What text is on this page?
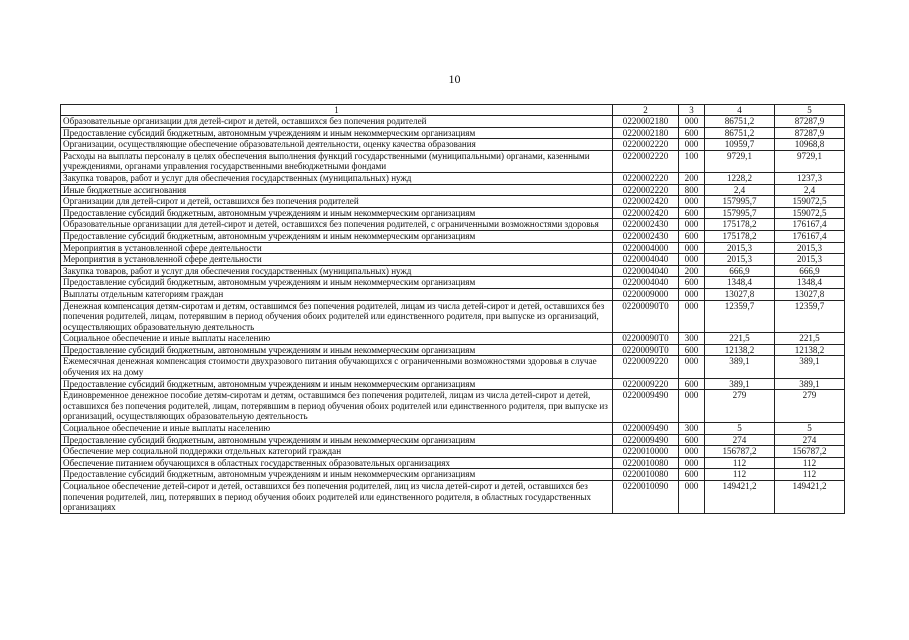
10
1	2	3	4	5
Образовательные организации для детей-сирот и детей, оставшихся без попечения родителей	0220002180	000	86751,2	87287,9
Предоставление субсидий бюджетным, автономным учреждениям и иным некоммерческим организациям	0220002180	600	86751,2	87287,9
Организации, осуществляющие обеспечение образовательной деятельности, оценку качества образования	0220002220	000	10959,7	10968,8
Расходы на выплаты персоналу в целях обеспечения выполнения функций государственными (муниципальными) органами, казенными учреждениями, органами управления государственными внебюджетными фондами	0220002220	100	9729,1	9729,1
Закупка товаров, работ и услуг для обеспечения государственных (муниципальных) нужд	0220002220	200	1228,2	1237,3
Иные бюджетные ассигнования	0220002220	800	2,4	2,4
Организации для детей-сирот и детей, оставшихся без попечения родителей	0220002420	000	157995,7	159072,5
Предоставление субсидий бюджетным, автономным учреждениям и иным некоммерческим организациям	0220002420	600	157995,7	159072,5
Образовательные организации для детей-сирот и детей, оставшихся без попечения родителей, с ограниченными возможностями здоровья	0220002430	000	175178,2	176167,4
Предоставление субсидий бюджетным, автономным учреждениям и иным некоммерческим организациям	0220002430	600	175178,2	176167,4
Мероприятия в установленной сфере деятельности	0220004000	000	2015,3	2015,3
Мероприятия в установленной сфере деятельности	0220004040	000	2015,3	2015,3
Закупка товаров, работ и услуг для обеспечения государственных (муниципальных) нужд	0220004040	200	666,9	666,9
Предоставление субсидий бюджетным, автономным учреждениям и иным некоммерческим организациям	0220004040	600	1348,4	1348,4
Выплаты отдельным категориям граждан	0220009000	000	13027,8	13027,8
Денежная компенсация детям-сиротам и детям, оставшимся без попечения родителей, лицам из числа детей-сирот и детей, оставшихся без попечения родителей, лицам, потерявшим в период обучения обоих родителей или единственного родителя, при выпуске из организаций, осуществляющих образовательную деятельность	02200090Т0	000	12359,7	12359,7
Социальное обеспечение и иные выплаты населению	02200090Т0	300	221,5	221,5
Предоставление субсидий бюджетным, автономным учреждениям и иным некоммерческим организациям	02200090Т0	600	12138,2	12138,2
Ежемесячная денежная компенсация стоимости двухразового питания обучающихся с ограниченными возможностями здоровья в случае обучения их на дому	0220009220	000	389,1	389,1
Предоставление субсидий бюджетным, автономным учреждениям и иным некоммерческим организациям	0220009220	600	389,1	389,1
Единовременное денежное пособие детям-сиротам и детям, оставшимся без попечения родителей, лицам из числа детей-сирот и детей, оставшихся без попечения родителей, лицам, потерявшим в период обучения обоих родителей или единственного родителя, при выпуске из организаций, осуществляющих образовательную деятельность	0220009490	000	279	279
Социальное обеспечение и иные выплаты населению	0220009490	300	5	5
Предоставление субсидий бюджетным, автономным учреждениям и иным некоммерческим организациям	0220009490	600	274	274
Обеспечение мер социальной поддержки отдельных категорий граждан	0220010000	000	156787,2	156787,2
Обеспечение питанием обучающихся в областных государственных образовательных организациях	0220010080	000	112	112
Предоставление субсидий бюджетным, автономным учреждениям и иным некоммерческим организациям	0220010080	600	112	112
Социальное обеспечение детей-сирот и детей, оставшихся без попечения родителей, лиц из числа детей-сирот и детей, оставшихся без попечения родителей, лиц, потерявших в период обучения обоих родителей или единственного родителя, в областных государственных организациях	0220010090	000	149421,2	149421,2
